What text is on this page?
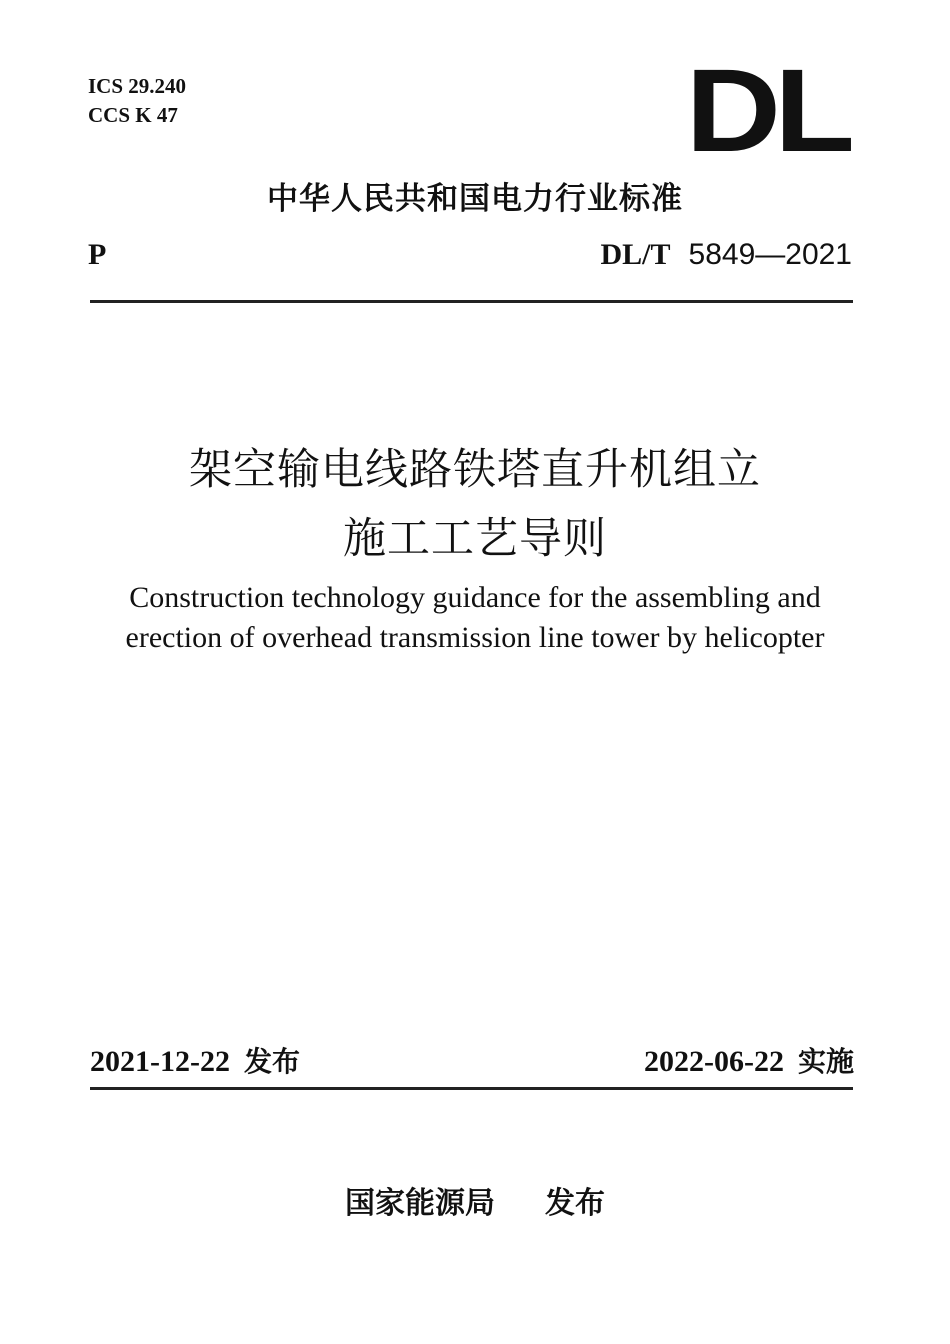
ICS 29.240
CCS K 47	DL
中华人民共和国电力行业标准
P	DL/T 5849—2021
架空输电线路铁塔直升机组立
施工工艺导则
Construction technology guidance for the assembling and
erection of overhead transmission line tower by helicopter
2021-12-22 发布	2022-06-22 实施
国家能源局 发布
